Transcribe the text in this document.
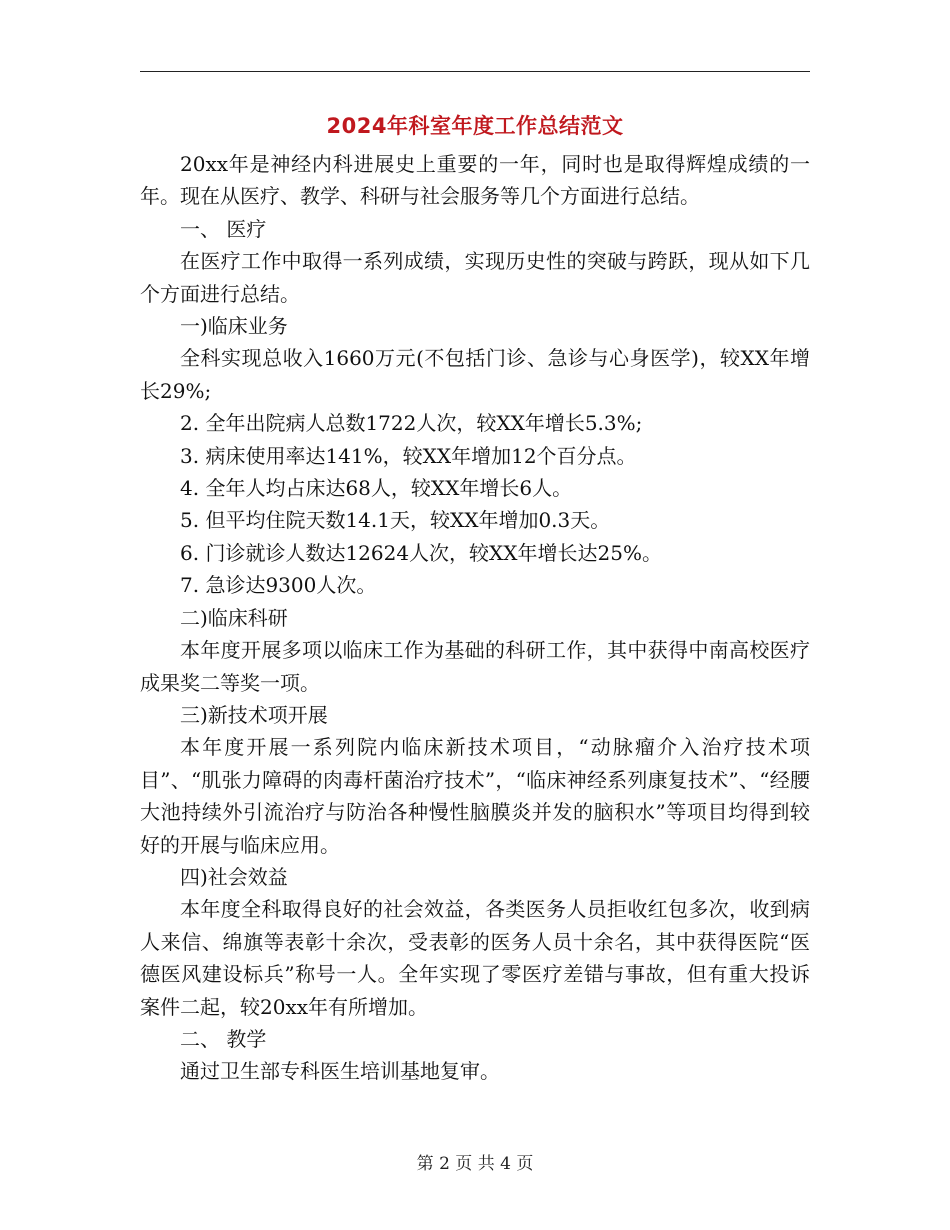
2024年科室年度工作总结范文

20xx年是神经内科进展史上重要的一年，同时也是取得辉煌成绩的一年。现在从医疗、教学、科研与社会服务等几个方面进行总结。

一、 医疗

在医疗工作中取得一系列成绩，实现历史性的突破与跨跃，现从如下几个方面进行总结。

一)临床业务

全科实现总收入1660万元(不包括门诊、急诊与心身医学)，较XX年增长29%;

2. 全年出院病人总数1722人次，较XX年增长5.3%;

3. 病床使用率达141%，较XX年增加12个百分点。

4. 全年人均占床达68人，较XX年增长6人。

5. 但平均住院天数14.1天，较XX年增加0.3天。

6. 门诊就诊人数达12624人次，较XX年增长达25%。

7. 急诊达9300人次。

二)临床科研

本年度开展多项以临床工作为基础的科研工作，其中获得中南高校医疗成果奖二等奖一项。

三)新技术项开展

本年度开展一系列院内临床新技术项目，“动脉瘤介入治疗技术项目”、“肌张力障碍的肉毒杆菌治疗技术”，“临床神经系列康复技术”、“经腰大池持续外引流治疗与防治各种慢性脑膜炎并发的脑积水”等项目均得到较好的开展与临床应用。

四)社会效益

本年度全科取得良好的社会效益，各类医务人员拒收红包多次，收到病人来信、绵旗等表彰十余次，受表彰的医务人员十余名，其中获得医院“医德医风建设标兵”称号一人。全年实现了零医疗差错与事故，但有重大投诉案件二起，较20xx年有所增加。

二、 教学

通过卫生部专科医生培训基地复审。

第 2 页 共 4 页
